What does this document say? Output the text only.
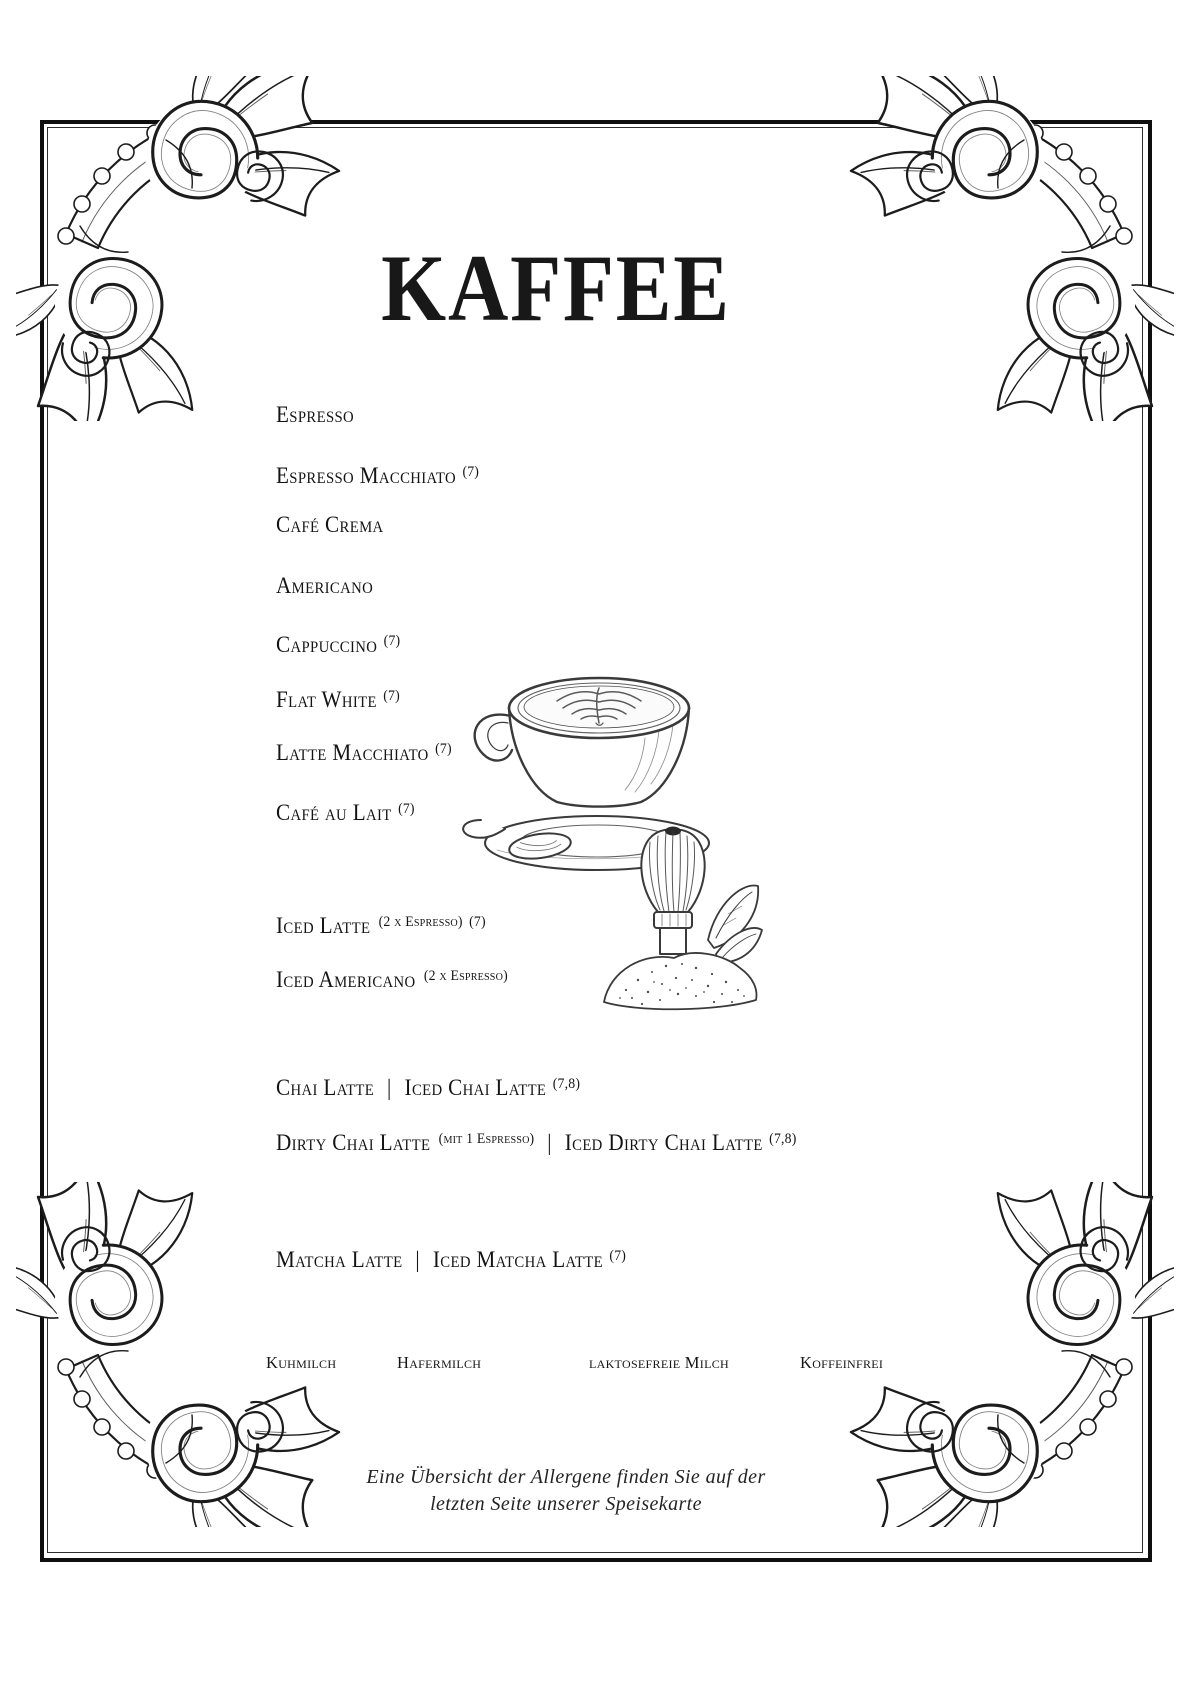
KAFFEE
Espresso
Espresso Macchiato $^{(7)}$
Café Crema
Americano
Cappuccino $^{(7)}$
Flat White $^{(7)}$
Latte Macchiato $^{(7)}$
Café au Lait $^{(7)}$
Iced Latte $^{(2 x Espresso)}$ $^{(7)}$
Iced Americano $^{(2 x Espresso)}$
Chai Latte | Iced Chai Latte $^{(7,8)}$
Dirty Chai Latte $^{(mit 1 Espresso)}$ | Iced Dirty Chai Latte $^{(7,8)}$
Matcha Latte | Iced Matcha Latte $^{(7)}$
Kuhmilch	Hafermilch	laktosefreie Milch	Koffeinfrei
Eine Übersicht der Allergene finden Sie auf der
letzten Seite unserer Speisekarte
